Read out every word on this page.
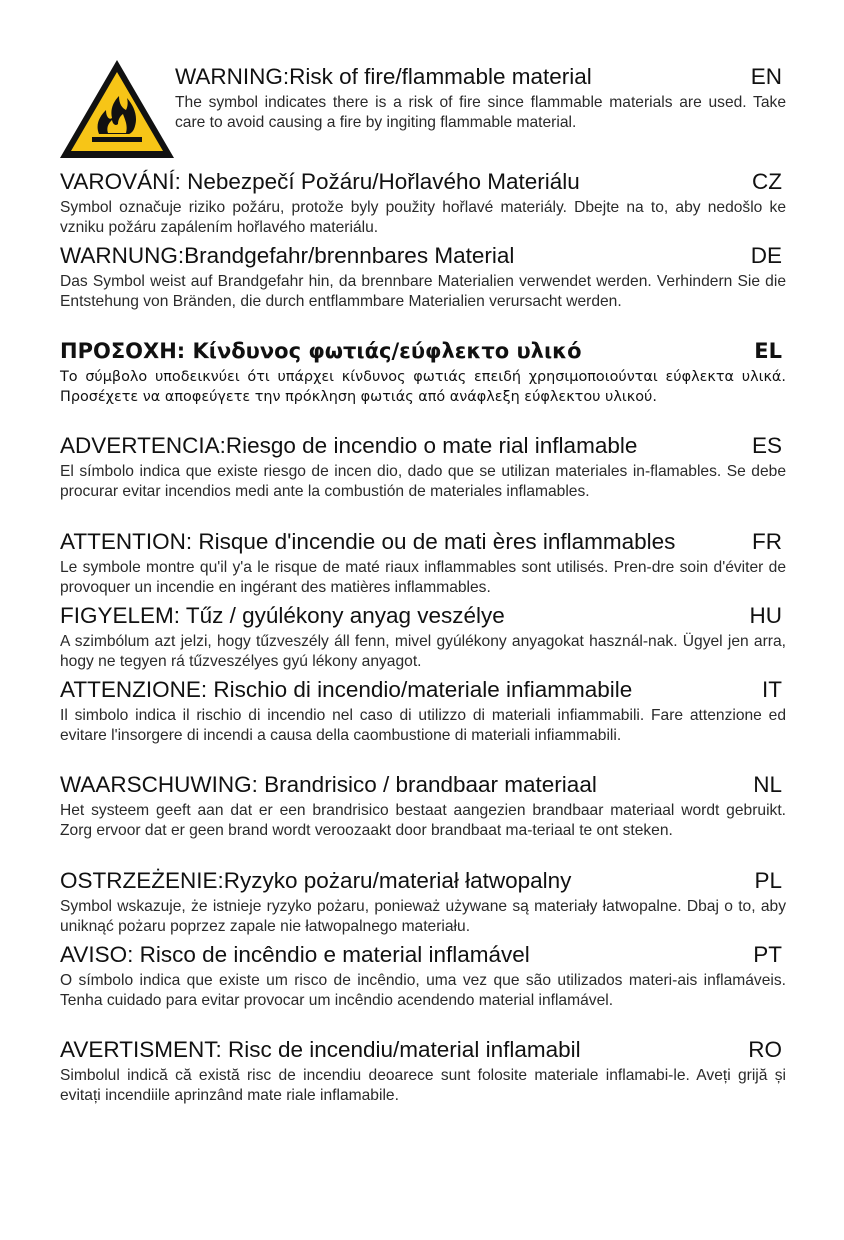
WARNING:Risk of fire/flammable material	EN
The symbol indicates there is a risk of fire since flammable materials are used. Take care to avoid causing a fire by ingiting flammable material.
VAROVÁNÍ: Nebezpečí Požáru/Hořlavého Materiálu	CZ
Symbol označuje riziko požáru, protože byly použity hořlavé materiály. Dbejte na to, aby nedošlo ke vzniku požáru zapálením hořlavého materiálu.
WARNUNG:Brandgefahr/brennbares Material	DE
Das Symbol weist auf Brandgefahr hin, da brennbare Materialien verwendet werden. Verhindern Sie die Entstehung von Bränden, die durch entflammbare Materialien verursacht werden.
ΠΡΟΣΟΧΗ: Κίνδυνος φωτιάς/εύφλεκτο υλικό	EL
Το σύμβολο υποδεικνύει ότι υπάρχει κίνδυνος φωτιάς επειδή χρησιμοποιούνται εύφλεκτα υλικά. Προσέχετε να αποφεύγετε την πρόκληση φωτιάς από ανάφλεξη εύφλεκτου υλικού.
ADVERTENCIA:Riesgo de incendio o mate rial inflamable	ES
El símbolo indica que existe riesgo de incen dio, dado que se utilizan materiales in-flamables. Se debe procurar evitar incendios medi ante la combustión de materiales inflamables.
ATTENTION: Risque d'incendie ou de mati ères inflammables	FR
Le symbole montre qu'il y'a le risque de maté riaux inflammables sont utilisés. Pren-dre soin d'éviter de provoquer un incendie en ingérant des matières inflammables.
FIGYELEM: Tűz / gyúlékony anyag veszélye	HU
A szimbólum azt jelzi, hogy tűzveszély áll fenn, mivel gyúlékony anyagokat használ-nak. Ügyel jen arra, hogy ne tegyen rá tűzveszélyes gyú lékony anyagot.
ATTENZIONE: Rischio di incendio/materiale infiammabile	IT
Il simbolo indica il rischio di incendio nel caso di utilizzo di materiali infiammabili. Fare attenzione ed evitare l'insorgere di incendi a causa della caombustione di materiali infiammabili.
WAARSCHUWING: Brandrisico / brandbaar materiaal	NL
Het systeem geeft aan dat er een brandrisico bestaat aangezien brandbaar materiaal wordt gebruikt. Zorg ervoor dat er geen brand wordt veroozaakt door brandbaat ma-teriaal te ont steken.
OSTRZEŻENIE:Ryzyko pożaru/materiał łatwopalny	PL
Symbol wskazuje, że istnieje ryzyko pożaru, ponieważ używane są materiały łatwopalne. Dbaj o to, aby uniknąć pożaru poprzez zapale nie łatwopalnego materiału.
AVISO: Risco de incêndio e material inflamável	PT
O símbolo indica que existe um risco de incêndio, uma vez que são utilizados materi-ais inflamáveis. Tenha cuidado para evitar provocar um incêndio acendendo material inflamável.
AVERTISMENT: Risc de incendiu/material inflamabil	RO
Simbolul indică că există risc de incendiu deoarece sunt folosite materiale inflamabi-le. Aveți grijă și evitați incendiile aprinzând mate riale inflamabile.
